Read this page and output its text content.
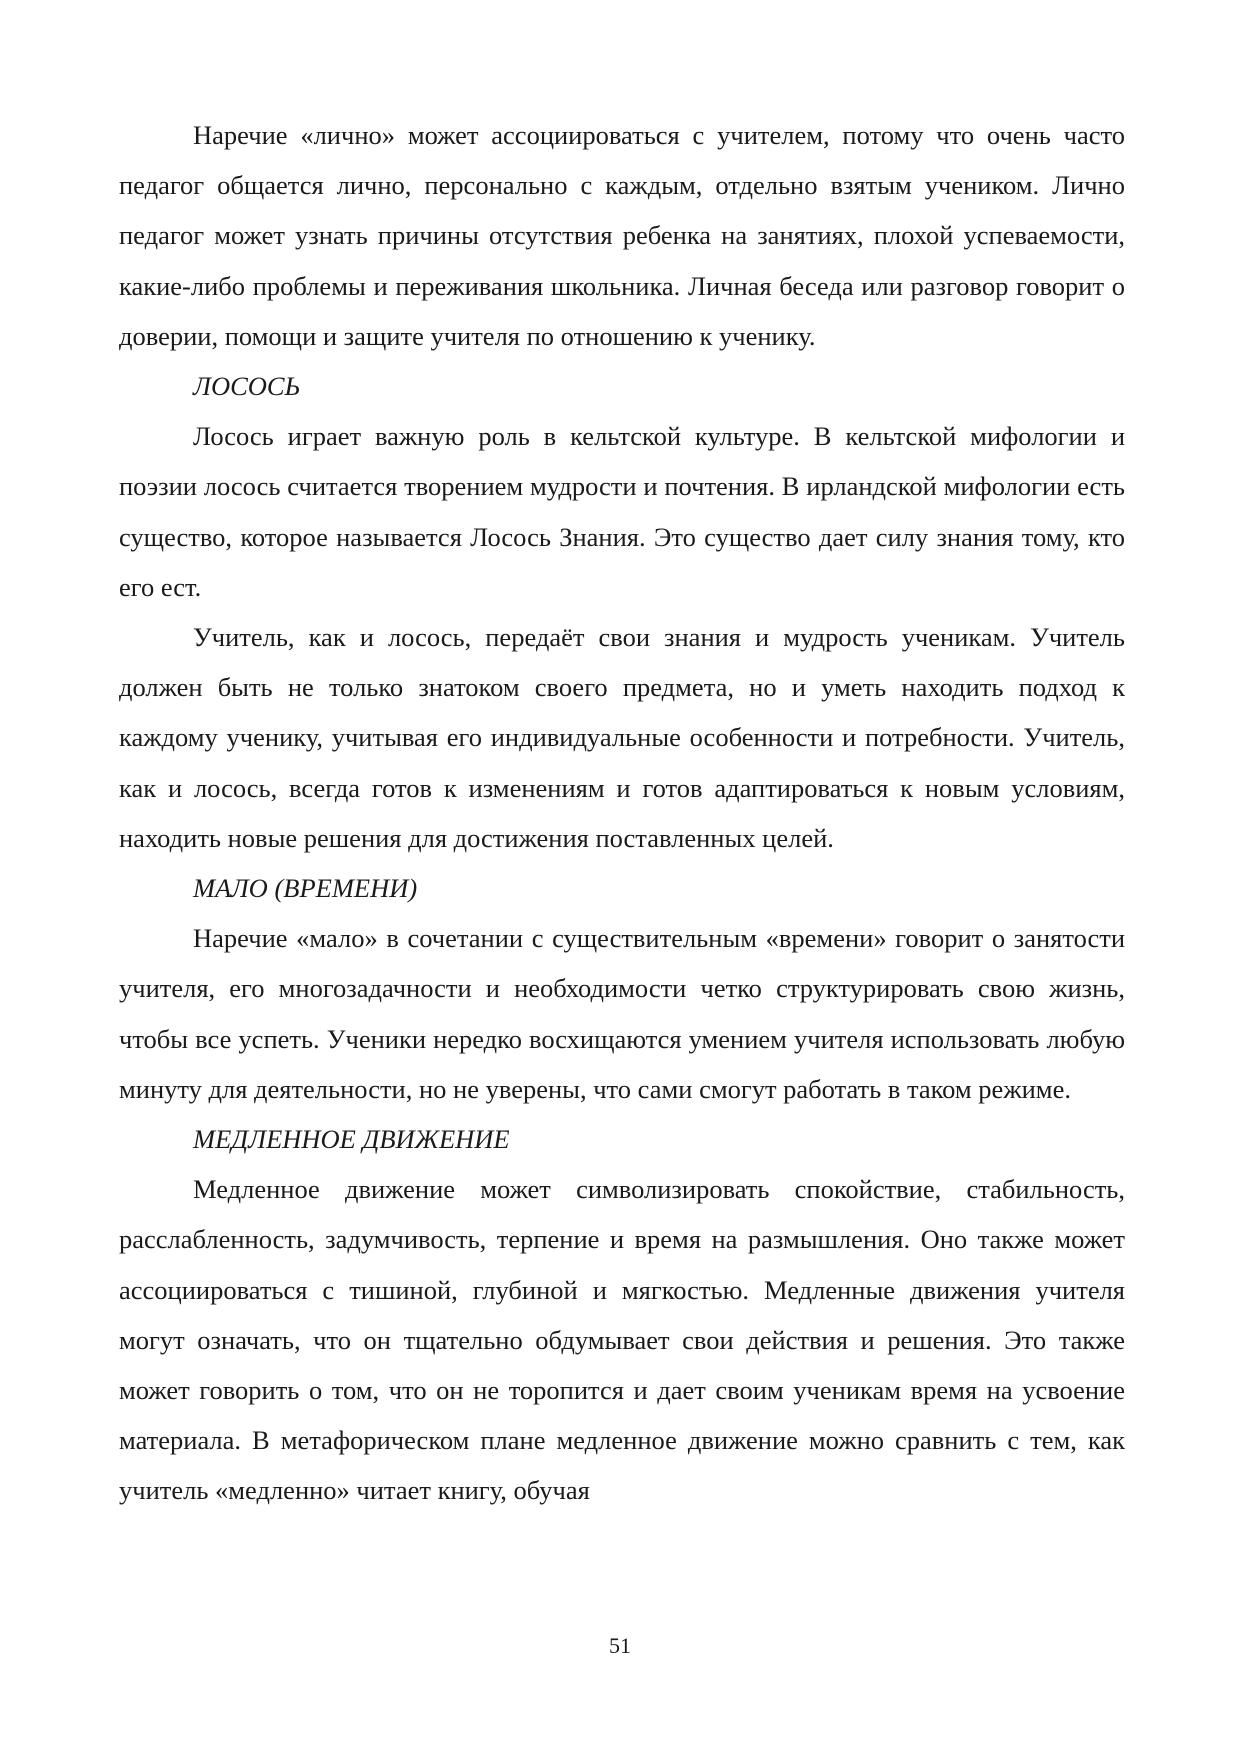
Наречие «лично» может ассоциироваться с учителем, потому что очень часто педагог общается лично, персонально с каждым, отдельно взятым учеником. Лично педагог может узнать причины отсутствия ребенка на занятиях, плохой успеваемости, какие-либо проблемы и переживания школьника. Личная беседа или разговор говорит о доверии, помощи и защите учителя по отношению к ученику.

ЛОСОСЬ

Лосось играет важную роль в кельтской культуре. В кельтской мифологии и поэзии лосось считается творением мудрости и почтения. В ирландской мифологии есть существо, которое называется Лосось Знания. Это существо дает силу знания тому, кто его ест.

Учитель, как и лосось, передаёт свои знания и мудрость ученикам. Учитель должен быть не только знатоком своего предмета, но и уметь находить подход к каждому ученику, учитывая его индивидуальные особенности и потребности. Учитель, как и лосось, всегда готов к изменениям и готов адаптироваться к новым условиям, находить новые решения для достижения поставленных целей.

МАЛО (ВРЕМЕНИ)

Наречие «мало» в сочетании с существительным «времени» говорит о занятости учителя, его многозадачности и необходимости четко структурировать свою жизнь, чтобы все успеть. Ученики нередко восхищаются умением учителя использовать любую минуту для деятельности, но не уверены, что сами смогут работать в таком режиме.

МЕДЛЕННОЕ ДВИЖЕНИЕ

Медленное движение может символизировать спокойствие, стабильность, расслабленность, задумчивость, терпение и время на размышления. Оно также может ассоциироваться с тишиной, глубиной и мягкостью. Медленные движения учителя могут означать, что он тщательно обдумывает свои действия и решения. Это также может говорить о том, что он не торопится и дает своим ученикам время на усвоение материала. В метафорическом плане медленное движение можно сравнить с тем, как учитель «медленно» читает книгу, обучая

51
